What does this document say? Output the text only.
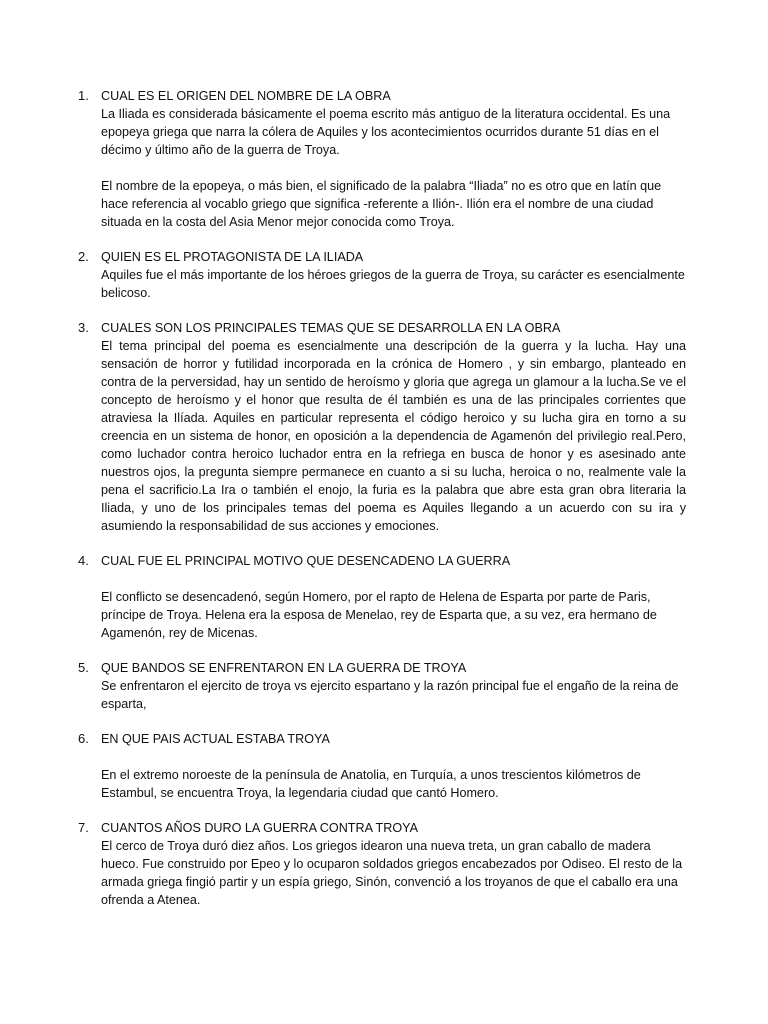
1. CUAL ES EL ORIGEN DEL NOMBRE DE LA OBRA

La Iliada es considerada básicamente el poema escrito más antiguo de la literatura occidental. Es una epopeya griega que narra la cólera de Aquiles y los acontecimientos ocurridos durante 51 días en el décimo y último año de la guerra de Troya.

El nombre de la epopeya, o más bien, el significado de la palabra “Iliada” no es otro que en latín que hace referencia al vocablo griego que significa -referente a Ilión-. Ilión era el nombre de una ciudad situada en la costa del Asia Menor mejor conocida como Troya.

2. QUIEN ES EL PROTAGONISTA DE LA ILIADA

Aquiles fue el más importante de los héroes griegos de la guerra de Troya, su carácter es esencialmente belicoso.

3. CUALES SON LOS PRINCIPALES TEMAS QUE SE DESARROLLA EN LA OBRA

El tema principal del poema es esencialmente una descripción de la guerra y la lucha. Hay una sensación de horror y futilidad incorporada en la crónica de Homero , y sin embargo, planteado en contra de la perversidad, hay un sentido de heroísmo y gloria que agrega un glamour a la lucha.Se ve el concepto de heroísmo y el honor que resulta de él también es una de las principales corrientes que atraviesa la Ilíada. Aquiles en particular representa el código heroico y su lucha gira en torno a su creencia en un sistema de honor, en oposición a la dependencia de Agamenón del privilegio real.Pero, como luchador contra heroico luchador entra en la refriega en busca de honor y es asesinado ante nuestros ojos, la pregunta siempre permanece en cuanto a si su lucha, heroica o no, realmente vale la pena el sacrificio.La Ira o también el enojo, la furia es la palabra que abre esta gran obra literaria la Iliada, y uno de los principales temas del poema es Aquiles llegando a un acuerdo con su ira y asumiendo la responsabilidad de sus acciones y emociones.

4. CUAL FUE EL PRINCIPAL MOTIVO QUE DESENCADENO LA GUERRA

El conflicto se desencadenó, según Homero, por el rapto de Helena de Esparta por parte de Paris, príncipe de Troya. Helena era la esposa de Menelao, rey de Esparta que, a su vez, era hermano de Agamenón, rey de Micenas.

5. QUE BANDOS SE ENFRENTARON EN LA GUERRA DE TROYA

Se enfrentaron el ejercito de troya vs ejercito espartano y la razón principal fue el engaño de la reina de esparta,

6. EN QUE PAIS ACTUAL ESTABA TROYA

En el extremo noroeste de la península de Anatolia, en Turquía, a unos trescientos kilómetros de Estambul, se encuentra Troya, la legendaria ciudad que cantó Homero.

7. CUANTOS AÑOS DURO LA GUERRA CONTRA TROYA

El cerco de Troya duró diez años. Los griegos idearon una nueva treta, un gran caballo de madera hueco. Fue construido por Epeo y lo ocuparon soldados griegos encabezados por Odiseo. El resto de la armada griega fingió partir y un espía griego, Sinón, convenció a los troyanos de que el caballo era una ofrenda a Atenea.
